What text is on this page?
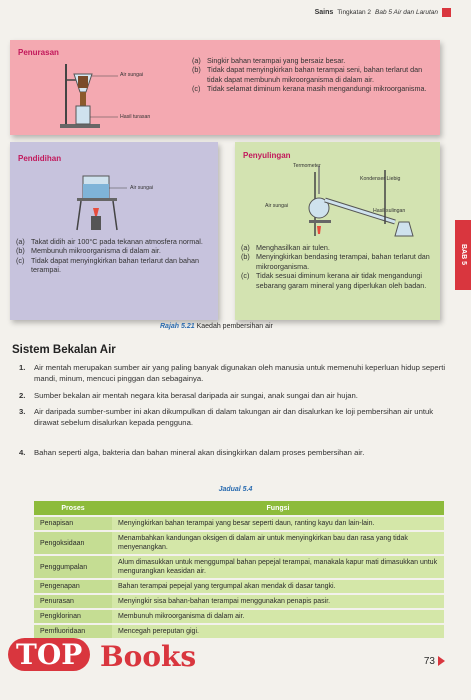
Sains Tingkatan 2 Bab 5 Air dan Larutan
Penurasan
Air sungai
Hasil turasan
(a) Singkir bahan terampai yang bersaiz besar.
(b) Tidak dapat menyingkirkan bahan terampai seni, bahan terlarut dan tidak dapat membunuh mikroorganisma di dalam air.
(c) Tidak selamat diminum kerana masih mengandungi mikroorganisma.
Pendidihan
Air sungai
(a) Takat didih air 100°C pada tekanan atmosfera normal.
(b) Membunuh mikroorganisma di dalam air.
(c) Tidak dapat menyingkirkan bahan terlarut dan bahan terampai.
Penyulingan
Termometer
Kondenser Liebig
Air sungai
Hasil sulingan
(a) Menghasilkan air tulen.
(b) Menyingkirkan bendasing terampai, bahan terlarut dan mikroorganisma.
(c) Tidak sesuai diminum kerana air tidak mengandungi sebarang garam mineral yang diperlukan oleh badan.
Rajah 5.21 Kaedah pembersihan air
Sistem Bekalan Air
1. Air mentah merupakan sumber air yang paling banyak digunakan oleh manusia untuk memenuhi keperluan hidup seperti mandi, minum, mencuci pinggan dan sebagainya.
2. Sumber bekalan air mentah negara kita berasal daripada air sungai, anak sungai dan air hujan.
3. Air daripada sumber-sumber ini akan dikumpulkan di dalam takungan air dan disalurkan ke loji pembersihan air untuk dirawat sebelum disalurkan kepada pengguna.
4. Bahan seperti alga, bakteria dan bahan mineral akan disingkirkan dalam proses pembersihan air.
Jadual 5.4
Proses	Fungsi
Penapisan	Menyingkirkan bahan terampai yang besar seperti daun, ranting kayu dan lain-lain.
Pengoksidaan	Menambahkan kandungan oksigen di dalam air untuk menyingkirkan bau dan rasa yang tidak menyenangkan.
Penggumpalan	Alum dimasukkan untuk menggumpal bahan pepejal terampai, manakala kapur mati dimasukkan untuk mengurangkan keasidan air.
Pengenapan	Bahan terampai pepejal yang tergumpal akan mendak di dasar tangki.
Penurasan	Menyingkir sisa bahan-bahan terampai menggunakan penapis pasir.
Pengklorinan	Membunuh mikroorganisma di dalam air.
Pemfluoridaan	Mencegah pereputan gigi.
BAB 5
TOP Books	73
